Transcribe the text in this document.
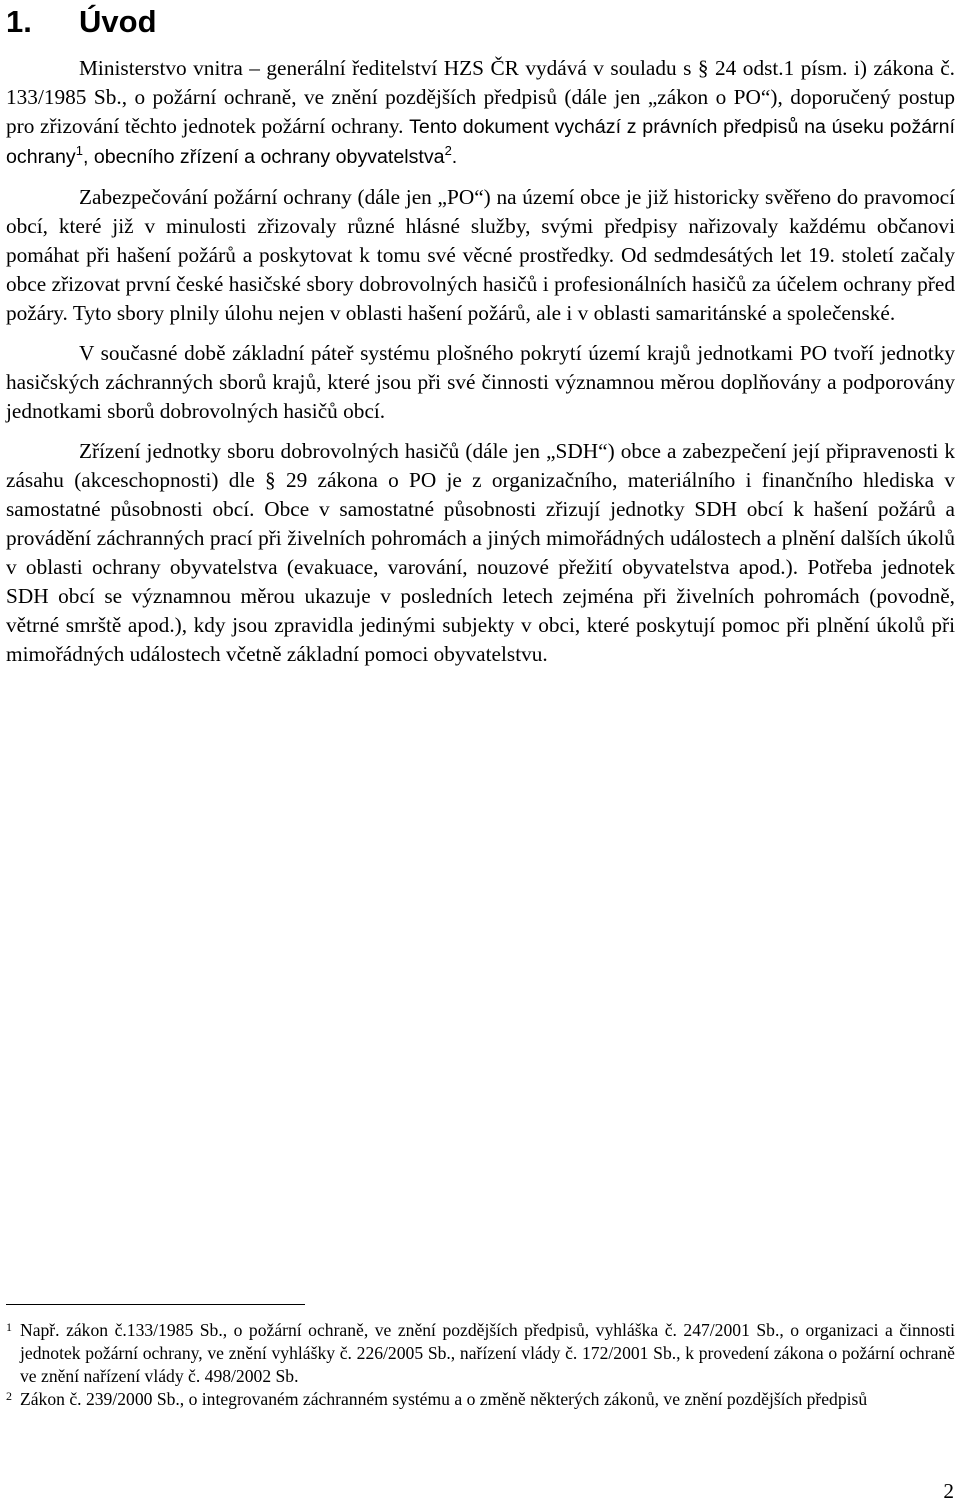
1. Úvod

Ministerstvo vnitra – generální ředitelství HZS ČR vydává v souladu s § 24 odst.1 písm. i) zákona č. 133/1985 Sb., o požární ochraně, ve znění pozdějších předpisů (dále jen „zákon o PO“), doporučený postup pro zřizování těchto jednotek požární ochrany. Tento dokument vychází z právních předpisů na úseku požární ochrany$^1$, obecního zřízení a ochrany obyvatelstva$^2$.

Zabezpečování požární ochrany (dále jen „PO“) na území obce je již historicky svěřeno do pravomocí obcí, které již v minulosti zřizovaly různé hlásné služby, svými předpisy nařizovaly každému občanovi pomáhat při hašení požárů a poskytovat k tomu své věcné prostředky. Od sedmdesátých let 19. století začaly obce zřizovat první české hasičské sbory dobrovolných hasičů i profesionálních hasičů za účelem ochrany před požáry. Tyto sbory plnily úlohu nejen v oblasti hašení požárů, ale i v oblasti samaritánské a společenské.

V současné době základní páteř systému plošného pokrytí území krajů jednotkami PO tvoří jednotky hasičských záchranných sborů krajů, které jsou při své činnosti významnou měrou doplňovány a podporovány jednotkami sborů dobrovolných hasičů obcí.

Zřízení jednotky sboru dobrovolných hasičů (dále jen „SDH“) obce a zabezpečení její připravenosti k zásahu (akceschopnosti) dle § 29 zákona o PO je z organizačního, materiálního i finančního hlediska v samostatné působnosti obcí. Obce v samostatné působnosti zřizují jednotky SDH obcí k hašení požárů a provádění záchranných prací při živelních pohromách a jiných mimořádných událostech a plnění dalších úkolů v oblasti ochrany obyvatelstva (evakuace, varování, nouzové přežití obyvatelstva apod.). Potřeba jednotek SDH obcí se významnou měrou ukazuje v posledních letech zejména při živelních pohromách (povodně, větrné smrště apod.), kdy jsou zpravidla jedinými subjekty v obci, které poskytují pomoc při plnění úkolů při mimořádných událostech včetně základní pomoci obyvatelstvu.

1 Např. zákon č.133/1985 Sb., o požární ochraně, ve znění pozdějších předpisů, vyhláška č. 247/2001 Sb., o organizaci a činnosti jednotek požární ochrany, ve znění vyhlášky č. 226/2005 Sb., nařízení vlády č. 172/2001 Sb., k provedení zákona o požární ochraně ve znění nařízení vlády č. 498/2002 Sb.

2 Zákon č. 239/2000 Sb., o integrovaném záchranném systému a o změně některých zákonů, ve znění pozdějších předpisů

2
